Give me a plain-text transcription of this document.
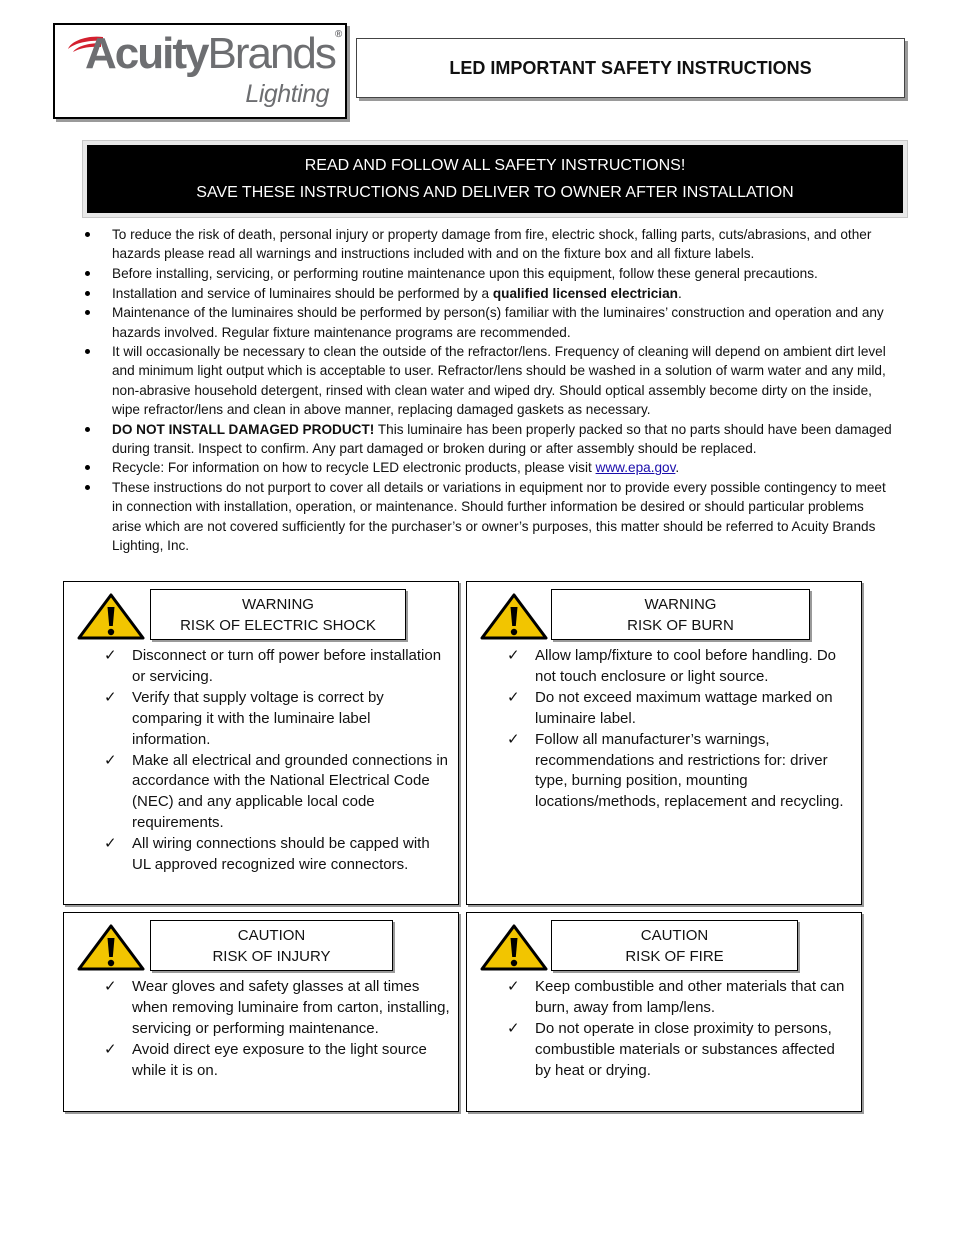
AcuityBrands®
Lighting
LED IMPORTANT SAFETY INSTRUCTIONS
READ AND FOLLOW ALL SAFETY INSTRUCTIONS!
SAVE THESE INSTRUCTIONS AND DELIVER TO OWNER AFTER INSTALLATION
To reduce the risk of death, personal injury or property damage from fire, electric shock, falling parts, cuts/abrasions, and other hazards please read all warnings and instructions included with and on the fixture box and all fixture labels.
Before installing, servicing, or performing routine maintenance upon this equipment, follow these general precautions.
Installation and service of luminaires should be performed by a qualified licensed electrician.
Maintenance of the luminaires should be performed by person(s) familiar with the luminaires’ construction and operation and any hazards involved. Regular fixture maintenance programs are recommended.
It will occasionally be necessary to clean the outside of the refractor/lens. Frequency of cleaning will depend on ambient dirt level and minimum light output which is acceptable to user. Refractor/lens should be washed in a solution of warm water and any mild, non-abrasive household detergent, rinsed with clean water and wiped dry. Should optical assembly become dirty on the inside, wipe refractor/lens and clean in above manner, replacing damaged gaskets as necessary.
DO NOT INSTALL DAMAGED PRODUCT! This luminaire has been properly packed so that no parts should have been damaged during transit. Inspect to confirm. Any part damaged or broken during or after assembly should be replaced.
Recycle: For information on how to recycle LED electronic products, please visit www.epa.gov.
These instructions do not purport to cover all details or variations in equipment nor to provide every possible contingency to meet in connection with installation, operation, or maintenance. Should further information be desired or should particular problems arise which are not covered sufficiently for the purchaser’s or owner’s purposes, this matter should be referred to Acuity Brands Lighting, Inc.
WARNING
RISK OF ELECTRIC SHOCK
✓ Disconnect or turn off power before installation or servicing.
✓ Verify that supply voltage is correct by comparing it with the luminaire label information.
✓ Make all electrical and grounded connections in accordance with the National Electrical Code (NEC) and any applicable local code requirements.
✓ All wiring connections should be capped with UL approved recognized wire connectors.
WARNING
RISK OF BURN
✓ Allow lamp/fixture to cool before handling. Do not touch enclosure or light source.
✓ Do not exceed maximum wattage marked on luminaire label.
✓ Follow all manufacturer’s warnings, recommendations and restrictions for: driver type, burning position, mounting locations/methods, replacement and recycling.
CAUTION
RISK OF INJURY
✓ Wear gloves and safety glasses at all times when removing luminaire from carton, installing, servicing or performing maintenance.
✓ Avoid direct eye exposure to the light source while it is on.
CAUTION
RISK OF FIRE
✓ Keep combustible and other materials that can burn, away from lamp/lens.
✓ Do not operate in close proximity to persons, combustible materials or substances affected by heat or drying.
